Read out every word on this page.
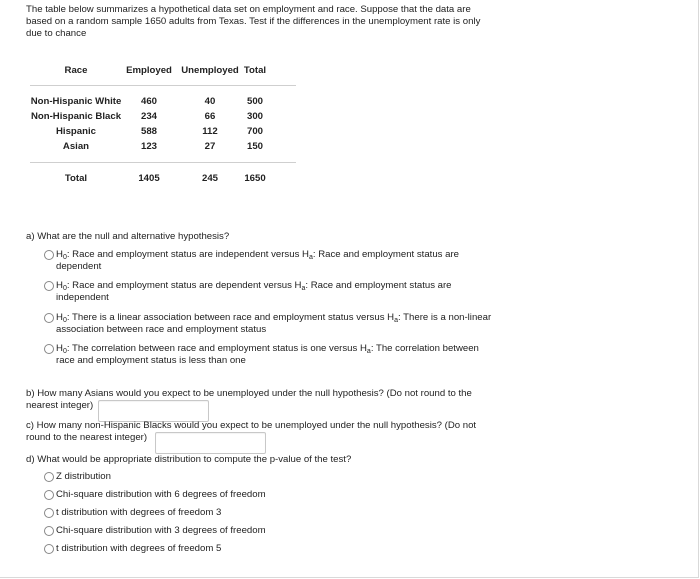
The table below summarizes a hypothetical data set on employment and race. Suppose that the data are

based on a random sample 1650 adults from Texas. Test if the differences in the unemployment rate is only

due to chance

Race	Employed Unemployed Total
Non-Hispanic White	460	40	500
Non-Hispanic Black	234	66	300
Hispanic	588	112	700
Asian	123	27	150
Total	1405	245	1650
a) What are the null and alternative hypothesis?
$H_0$: Race and employment status are independent versus $H_a$: Race and employment status are
dependent
$H_0$: Race and employment status are dependent versus $H_a$: Race and employment status are
independent
$H_0$: There is a linear association between race and employment status versus $H_a$: There is a non-linear
association between race and employment status
$H_0$: The correlation between race and employment status is one versus $H_a$: The correlation between
race and employment status is less than one
b) How many Asians would you expect to be unemployed under the null hypothesis? (Do not round to the
nearest integer)
c) How many non-Hispanic Blacks would you expect to be unemployed under the null hypothesis? (Do not
round to the nearest integer)
d) What would be appropriate distribution to compute the p-value of the test?
Z distribution
Chi-square distribution with 6 degrees of freedom
t distribution with degrees of freedom 3
Chi-square distribution with 3 degrees of freedom
t distribution with degrees of freedom 5
